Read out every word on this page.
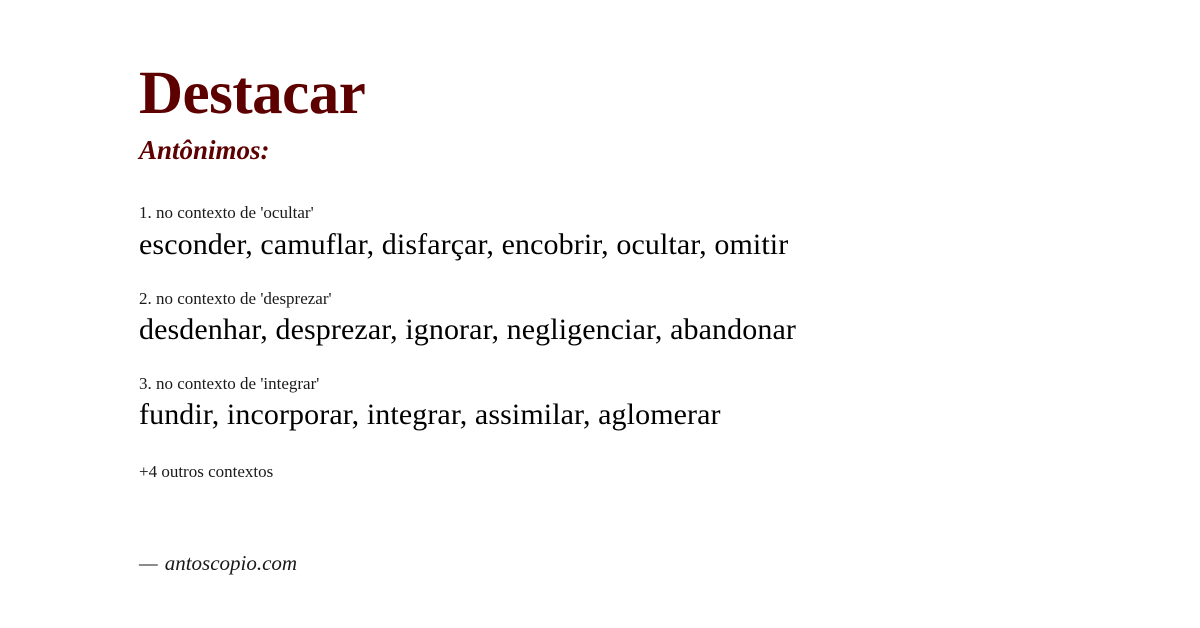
Destacar
Antônimos:
1. no contexto de 'ocultar'
esconder, camuflar, disfarçar, encobrir, ocultar, omitir
2. no contexto de 'desprezar'
desdenhar, desprezar, ignorar, negligenciar, abandonar
3. no contexto de 'integrar'
fundir, incorporar, integrar, assimilar, aglomerar
+4 outros contextos
— antoscopio.com
